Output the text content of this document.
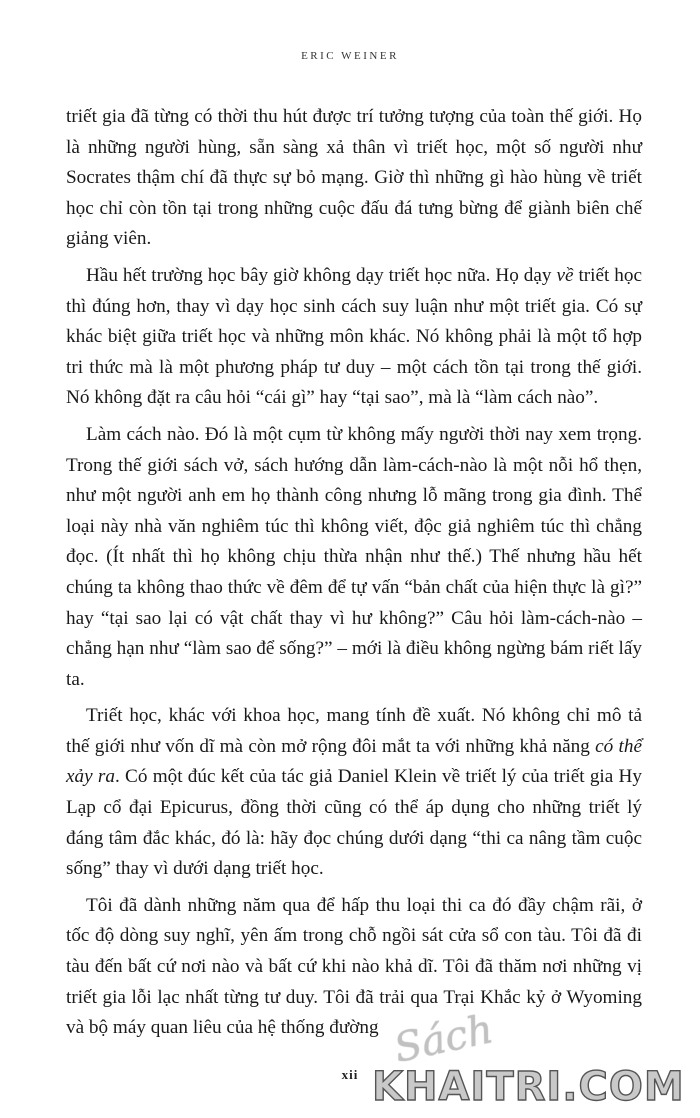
ERIC WEINER

triết gia đã từng có thời thu hút được trí tưởng tượng của toàn thế giới. Họ là những người hùng, sẵn sàng xả thân vì triết học, một số người như Socrates thậm chí đã thực sự bỏ mạng. Giờ thì những gì hào hùng về triết học chỉ còn tồn tại trong những cuộc đấu đá tưng bừng để giành biên chế giảng viên.

Hầu hết trường học bây giờ không dạy triết học nữa. Họ dạy về triết học thì đúng hơn, thay vì dạy học sinh cách suy luận như một triết gia. Có sự khác biệt giữa triết học và những môn khác. Nó không phải là một tổ hợp tri thức mà là một phương pháp tư duy – một cách tồn tại trong thế giới. Nó không đặt ra câu hỏi “cái gì” hay “tại sao”, mà là “làm cách nào”.

Làm cách nào. Đó là một cụm từ không mấy người thời nay xem trọng. Trong thế giới sách vở, sách hướng dẫn làm-cách-nào là một nỗi hổ thẹn, như một người anh em họ thành công nhưng lỗ mãng trong gia đình. Thể loại này nhà văn nghiêm túc thì không viết, độc giả nghiêm túc thì chẳng đọc. (Ít nhất thì họ không chịu thừa nhận như thế.) Thế nhưng hầu hết chúng ta không thao thức về đêm để tự vấn “bản chất của hiện thực là gì?” hay “tại sao lại có vật chất thay vì hư không?” Câu hỏi làm-cách-nào – chẳng hạn như “làm sao để sống?” – mới là điều không ngừng bám riết lấy ta.

Triết học, khác với khoa học, mang tính đề xuất. Nó không chỉ mô tả thế giới như vốn dĩ mà còn mở rộng đôi mắt ta với những khả năng có thể xảy ra. Có một đúc kết của tác giả Daniel Klein về triết lý của triết gia Hy Lạp cổ đại Epicurus, đồng thời cũng có thể áp dụng cho những triết lý đáng tâm đắc khác, đó là: hãy đọc chúng dưới dạng “thi ca nâng tầm cuộc sống” thay vì dưới dạng triết học.

Tôi đã dành những năm qua để hấp thu loại thi ca đó đầy chậm rãi, ở tốc độ dòng suy nghĩ, yên ấm trong chỗ ngồi sát cửa sổ con tàu. Tôi đã đi tàu đến bất cứ nơi nào và bất cứ khi nào khả dĩ. Tôi đã thăm nơi những vị triết gia lỗi lạc nhất từng tư duy. Tôi đã trải qua Trại Khắc kỷ ở Wyoming và bộ máy quan liêu của hệ thống đường

xii
Sách
KHAITRI.COM
